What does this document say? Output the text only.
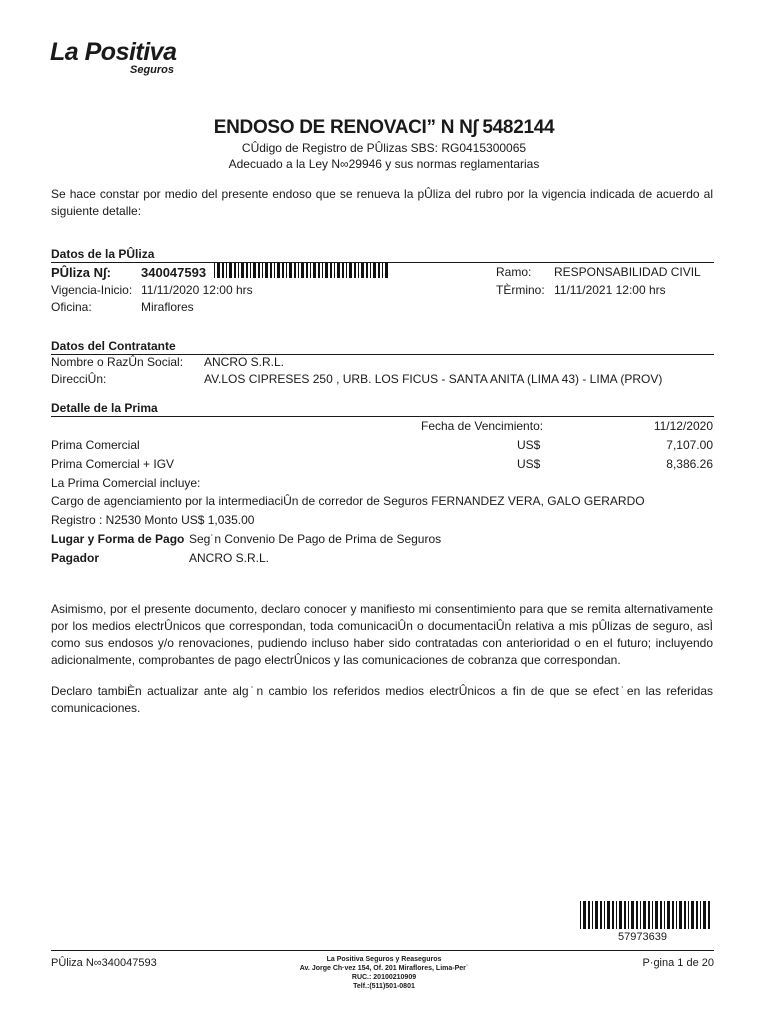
La Positiva
Seguros
ENDOSO DE RENOVACI” N N∫ 5482144
CÛdigo de Registro de PÛlizas SBS: RG0415300065
Adecuado a la Ley N∞29946 y sus normas reglamentarias
Se hace constar por medio del presente endoso que se renueva la pÛliza del rubro por la vigencia indicada de acuerdo al siguiente detalle:
Datos de la PÛliza
PÛliza N∫: 340047593	Ramo: RESPONSABILIDAD CIVIL
Vigencia-Inicio: 11/11/2020 12:00 hrs	TÈrmino: 11/11/2021 12:00 hrs
Oficina:	Miraflores
Datos del Contratante
Nombre o RazÛn Social: ANCRO S.R.L.
DirecciÛn:	AV.LOS CIPRESES 250 , URB. LOS FICUS - SANTA ANITA (LIMA 43) - LIMA (PROV)
Detalle de la Prima
Fecha de Vencimiento:	11/12/2020
Prima Comercial	US$	7,107.00
Prima Comercial + IGV	US$	8,386.26
La Prima Comercial incluye:
Cargo de agenciamiento por la intermediaciÛn de corredor de Seguros FERNANDEZ VERA, GALO GERARDO
Registro : N2530 Monto US$ 1,035.00
Lugar y Forma de Pago Seg˙n Convenio De Pago de Prima de Seguros
Pagador	ANCRO S.R.L.
Asimismo, por el presente documento, declaro conocer y manifiesto mi consentimiento para que se remita alternativamente por los medios electrÛnicos que correspondan, toda comunicaciÛn o documentaciÛn relativa a mis pÛlizas de seguro, asÌ como sus endosos y/o renovaciones, pudiendo incluso haber sido contratadas con anterioridad o en el futuro; incluyendo adicionalmente, comprobantes de pago electrÛnicos y las comunicaciones de cobranza que correspondan.
Declaro tambiÈn actualizar ante alg˙n cambio los referidos medios electrÛnicos a fin de que se efect˙en las referidas comunicaciones.
57973639
PÛliza N∞340047593	La Positiva Seguros y Reaseguros
Av. Jorge Ch·vez 154, Of. 201 Miraflores, Lima-Per˙
RUC.: 20100210909
Telf.:(511)501-0801
P·gina 1 de 20
